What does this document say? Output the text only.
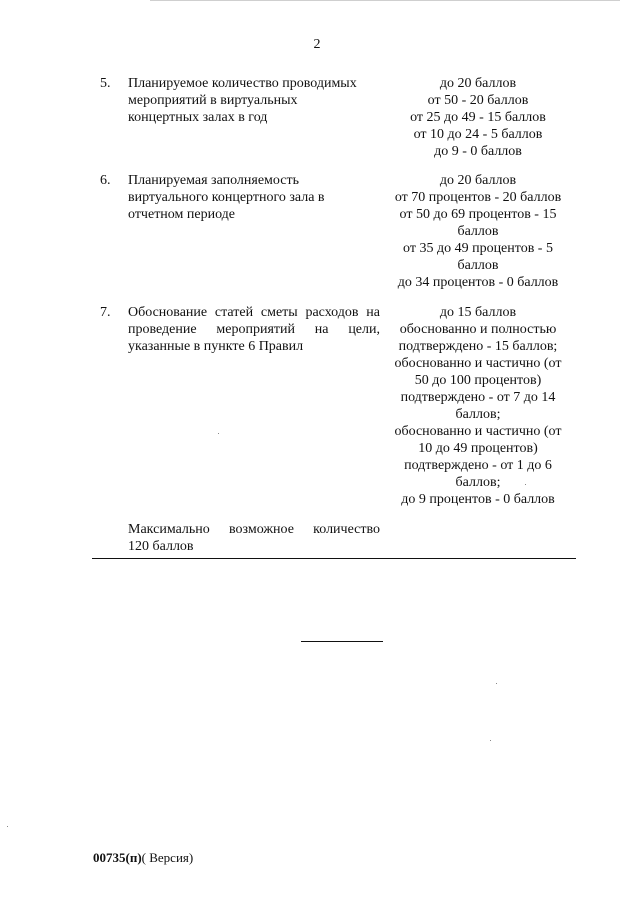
2
5. Планируемое количество проводимых
мероприятий в виртуальных
концертных залах в год
до 20 баллов
от 50 - 20 баллов
от 25 до 49 - 15 баллов
от 10 до 24 - 5 баллов
до 9 - 0 баллов
6. Планируемая заполняемость
виртуального концертного зала в
отчетном периоде
до 20 баллов
от 70 процентов - 20 баллов
от 50 до 69 процентов - 15
баллов
от 35 до 49 процентов - 5
баллов
до 34 процентов - 0 баллов
7. Обоснование статей сметы расходов на
проведение мероприятий на цели,
указанные в пункте 6 Правил
до 15 баллов
обоснованно и полностью
подтверждено - 15 баллов;
обоснованно и частично (от
50 до 100 процентов)
подтверждено - от 7 до 14
баллов;
обоснованно и частично (от
10 до 49 процентов)
подтверждено - от 1 до 6
баллов;
до 9 процентов - 0 баллов
Максимально возможное количество
120 баллов
00735(п)( Версия)
